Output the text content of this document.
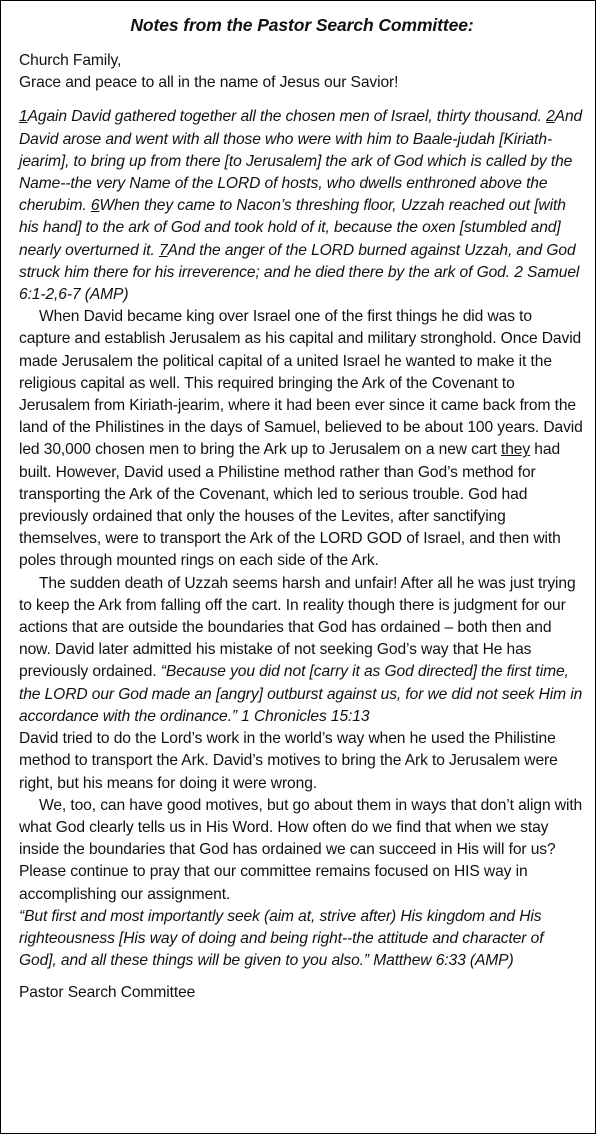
Notes from the Pastor Search Committee:

Church Family,

Grace and peace to all in the name of Jesus our Savior!

1Again David gathered together all the chosen men of Israel, thirty thousand. 2And David arose and went with all those who were with him to Baale-judah [Kiriath-jearim], to bring up from there [to Jerusalem] the ark of God which is called by the Name--the very Name of the LORD of hosts, who dwells enthroned above the cherubim. 6When they came to Nacon’s threshing floor, Uzzah reached out [with his hand] to the ark of God and took hold of it, because the oxen [stumbled and] nearly overturned it. 7And the anger of the LORD burned against Uzzah, and God struck him there for his irreverence; and he died there by the ark of God. 2 Samuel 6:1-2,6-7 (AMP)

When David became king over Israel one of the first things he did was to capture and establish Jerusalem as his capital and military stronghold. Once David made Jerusalem the political capital of a united Israel he wanted to make it the religious capital as well. This required bringing the Ark of the Covenant to Jerusalem from Kiriath-jearim, where it had been ever since it came back from the land of the Philistines in the days of Samuel, believed to be about 100 years. David led 30,000 chosen men to bring the Ark up to Jerusalem on a new cart they had built. However, David used a Philistine method rather than God’s method for transporting the Ark of the Covenant, which led to serious trouble. God had previously ordained that only the houses of the Levites, after sanctifying themselves, were to transport the Ark of the LORD GOD of Israel, and then with poles through mounted rings on each side of the Ark.

The sudden death of Uzzah seems harsh and unfair! After all he was just trying to keep the Ark from falling off the cart. In reality though there is judgment for our actions that are outside the boundaries that God has ordained – both then and now. David later admitted his mistake of not seeking God’s way that He has previously ordained. “Because you did not [carry it as God directed] the first time, the LORD our God made an [angry] outburst against us, for we did not seek Him in accordance with the ordinance.” 1 Chronicles 15:13

David tried to do the Lord’s work in the world’s way when he used the Philistine method to transport the Ark. David’s motives to bring the Ark to Jerusalem were right, but his means for doing it were wrong.

We, too, can have good motives, but go about them in ways that don’t align with what God clearly tells us in His Word. How often do we find that when we stay inside the boundaries that God has ordained we can succeed in His will for us? Please continue to pray that our committee remains focused on HIS way in accomplishing our assignment.

“But first and most importantly seek (aim at, strive after) His kingdom and His righteousness [His way of doing and being right--the attitude and character of God], and all these things will be given to you also.” Matthew 6:33 (AMP)

Pastor Search Committee
